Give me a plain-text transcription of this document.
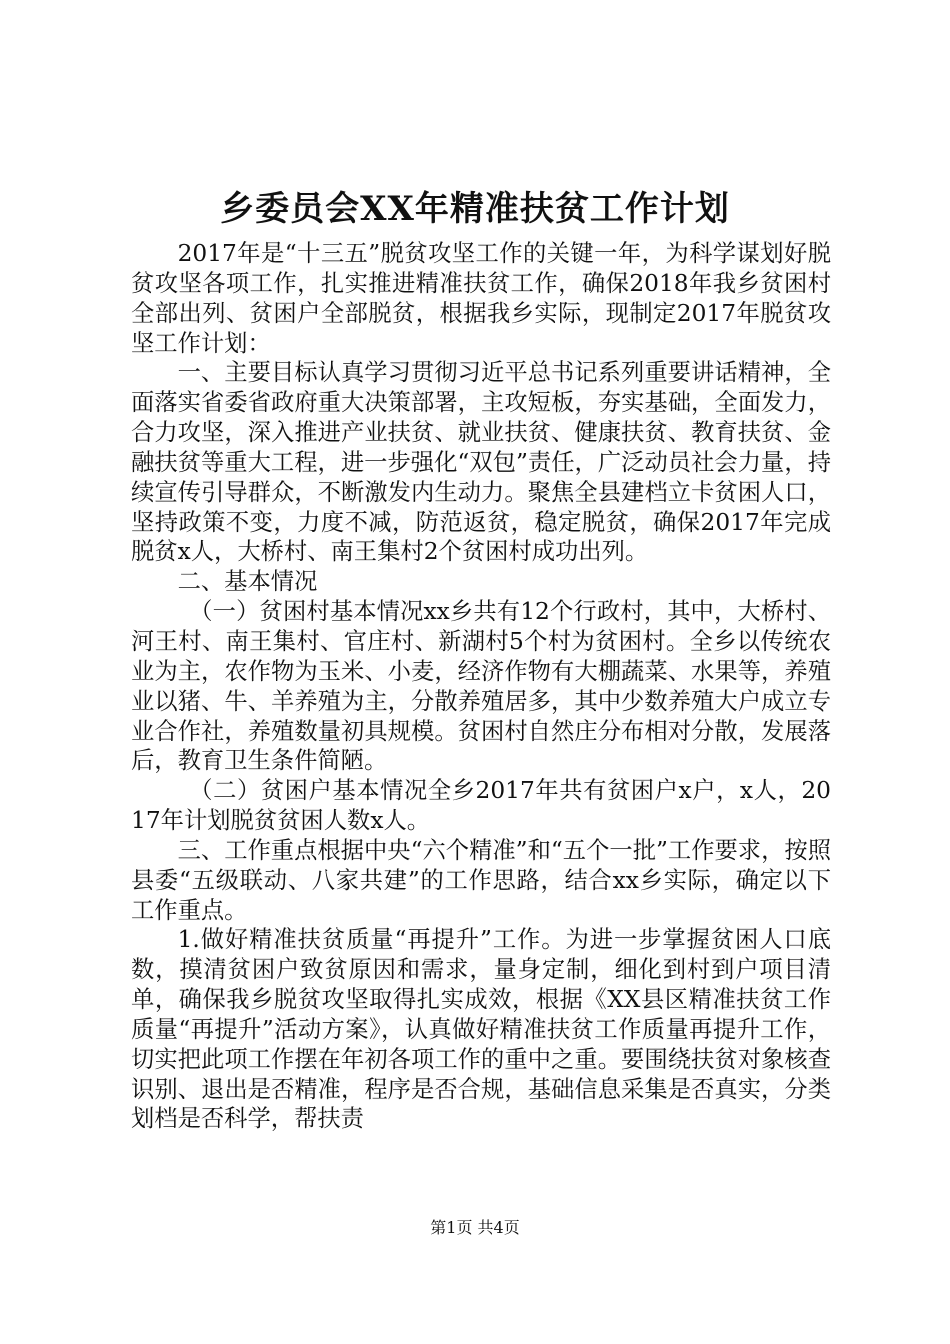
乡委员会XX年精准扶贫工作计划

2017年是“十三五”脱贫攻坚工作的关键一年，为科学谋划好脱贫攻坚各项工作，扎实推进精准扶贫工作，确保2018年我乡贫困村全部出列、贫困户全部脱贫，根据我乡实际，现制定2017年脱贫攻坚工作计划：

一、主要目标认真学习贯彻习近平总书记系列重要讲话精神，全面落实省委省政府重大决策部署，主攻短板，夯实基础，全面发力，合力攻坚，深入推进产业扶贫、就业扶贫、健康扶贫、教育扶贫、金融扶贫等重大工程，进一步强化“双包”责任，广泛动员社会力量，持续宣传引导群众，不断激发内生动力。聚焦全县建档立卡贫困人口，坚持政策不变，力度不减，防范返贫，稳定脱贫，确保2017年完成脱贫x人，大桥村、南王集村2个贫困村成功出列。

二、基本情况

（一）贫困村基本情况xx乡共有12个行政村，其中，大桥村、河王村、南王集村、官庄村、新湖村5个村为贫困村。全乡以传统农业为主，农作物为玉米、小麦，经济作物有大棚蔬菜、水果等，养殖业以猪、牛、羊养殖为主，分散养殖居多，其中少数养殖大户成立专业合作社，养殖数量初具规模。贫困村自然庄分布相对分散，发展落后，教育卫生条件简陋。

（二）贫困户基本情况全乡2017年共有贫困户x户，x人，2017年计划脱贫贫困人数x人。

三、工作重点根据中央“六个精准”和“五个一批”工作要求，按照县委“五级联动、八家共建”的工作思路，结合xx乡实际，确定以下工作重点。

1.做好精准扶贫质量“再提升”工作。为进一步掌握贫困人口底数，摸清贫困户致贫原因和需求，量身定制，细化到村到户项目清单，确保我乡脱贫攻坚取得扎实成效，根据《XX县区精准扶贫工作质量“再提升”活动方案》，认真做好精准扶贫工作质量再提升工作，切实把此项工作摆在年初各项工作的重中之重。要围绕扶贫对象核查识别、退出是否精准，程序是否合规，基础信息采集是否真实，分类划档是否科学，帮扶责

第1页 共4页
